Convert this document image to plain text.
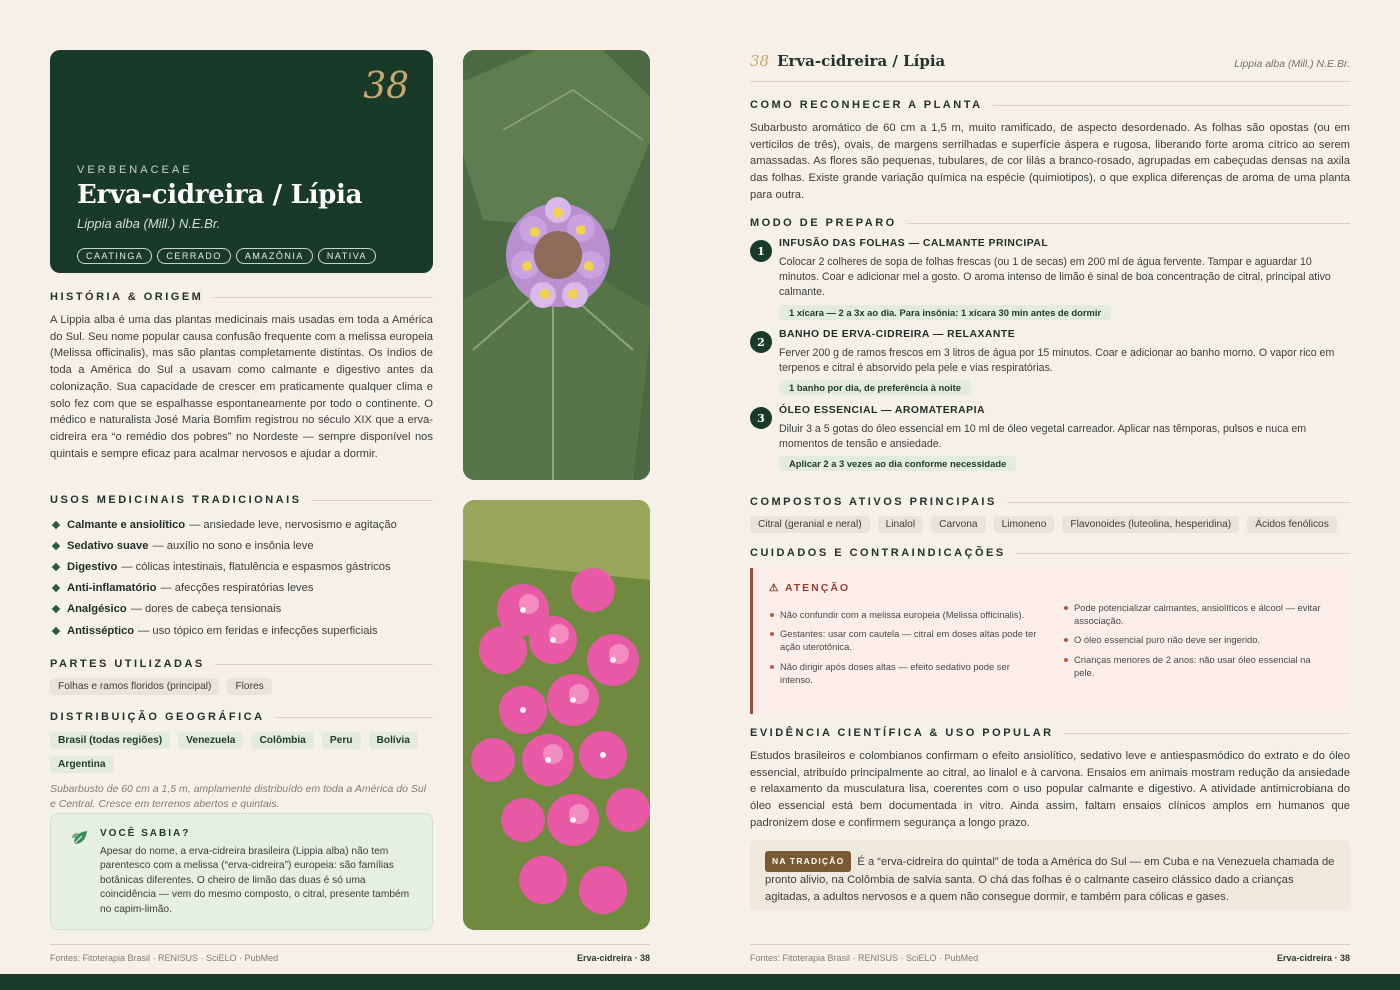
38
VERBENACEAE
Erva-cidreira / Lípia
Lippia alba (Mill.) N.E.Br.
CAATINGA	CERRADO	AMAZÔNIA	NATIVA
HISTÓRIA & ORIGEM

A Lippia alba é uma das plantas medicinais mais usadas em toda a América do Sul. Seu nome popular causa confusão frequente com a melissa europeia (Melissa officinalis), mas são plantas completamente distintas. Os índios de toda a América do Sul a usavam como calmante e digestivo antes da colonização. Sua capacidade de crescer em praticamente qualquer clima e solo fez com que se espalhasse espontaneamente por todo o continente. O médico e naturalista José Maria Bomfim registrou no século XIX que a erva-cidreira era “o remédio dos pobres” no Nordeste — sempre disponível nos quintais e sempre eficaz para acalmar nervosos e ajudar a dormir.

USOS MEDICINAIS TRADICIONAIS
Calmante e ansiolítico — ansiedade leve, nervosismo e agitação
Sedativo suave — auxílio no sono e insônia leve
Digestivo — cólicas intestinais, flatulência e espasmos gástricos
Anti-inflamatório — afecções respiratórias leves
Analgésico — dores de cabeça tensionais
Antisséptico — uso tópico em feridas e infecções superficiais
PARTES UTILIZADAS
Folhas e ramos floridos (principal)	Flores
DISTRIBUIÇÃO GEOGRÁFICA
Brasil (todas regiões)	Venezuela	Colômbia	Peru	Bolívia
Argentina

Subarbusto de 60 cm a 1,5 m, amplamente distribuído em toda a América do Sul e Central. Cresce em terrenos abertos e quintais.

VOCÊ SABIA?

Apesar do nome, a erva-cidreira brasileira (Lippia alba) não tem parentesco com a melissa (“erva-cidreira”) europeia: são famílias botânicas diferentes. O cheiro de limão das duas é só uma coincidência — vem do mesmo composto, o citral, presente também no capim-limão.

Fontes: Fitoterapia Brasil · RENISUS · SciELO · PubMed	Erva-cidreira · 38
38 Erva-cidreira / Lípia	Lippia alba (Mill.) N.E.Br.
COMO RECONHECER A PLANTA

Subarbusto aromático de 60 cm a 1,5 m, muito ramificado, de aspecto desordenado. As folhas são opostas (ou em verticilos de três), ovais, de margens serrilhadas e superfície áspera e rugosa, liberando forte aroma cítrico ao serem amassadas. As flores são pequenas, tubulares, de cor lilás a branco-rosado, agrupadas em cabeçudas densas na axila das folhas. Existe grande variação química na espécie (quimiotipos), o que explica diferenças de aroma de uma planta para outra.

MODO DE PREPARO
1
INFUSÃO DAS FOLHAS — CALMANTE PRINCIPAL

Colocar 2 colheres de sopa de folhas frescas (ou 1 de secas) em 200 ml de água fervente. Tampar e aguardar 10 minutos. Coar e adicionar mel a gosto. O aroma intenso de limão é sinal de boa concentração de citral, principal ativo calmante.

1 xícara — 2 a 3x ao dia. Para insônia: 1 xícara 30 min antes de dormir
2
BANHO DE ERVA-CIDREIRA — RELAXANTE

Ferver 200 g de ramos frescos em 3 litros de água por 15 minutos. Coar e adicionar ao banho morno. O vapor rico em terpenos e citral é absorvido pela pele e vias respiratórias.

1 banho por dia, de preferência à noite
3
ÓLEO ESSENCIAL — AROMATERAPIA

Diluir 3 a 5 gotas do óleo essencial em 10 ml de óleo vegetal carreador. Aplicar nas têmporas, pulsos e nuca em momentos de tensão e ansiedade.

Aplicar 2 a 3 vezes ao dia conforme necessidade
COMPOSTOS ATIVOS PRINCIPAIS
Citral (geranial e neral)	Linalol	Carvona	Limoneno	Flavonoides (luteolina, hesperidina)	Ácidos fenólicos
CUIDADOS E CONTRAINDICAÇÕES
⚠ ATENÇÃO
Não confundir com a melissa europeia (Melissa officinalis).
Gestantes: usar com cautela — citral em doses altas pode ter ação uterotônica.
Não dirigir após doses altas — efeito sedativo pode ser intenso.
Pode potencializar calmantes, ansiolíticos e álcool — evitar associação.
O óleo essencial puro não deve ser ingerido.
Crianças menores de 2 anos: não usar óleo essencial na pele.
EVIDÊNCIA CIENTÍFICA & USO POPULAR

Estudos brasileiros e colombianos confirmam o efeito ansiolítico, sedativo leve e antiespasmódico do extrato e do óleo essencial, atribuído principalmente ao citral, ao linalol e à carvona. Ensaios em animais mostram redução da ansiedade e relaxamento da musculatura lisa, coerentes com o uso popular calmante e digestivo. A atividade antimicrobiana do óleo essencial está bem documentada in vitro. Ainda assim, faltam ensaios clínicos amplos em humanos que padronizem dose e confirmem segurança a longo prazo.

NA TRADIÇÃO É a “erva-cidreira do quintal” de toda a América do Sul — em Cuba e na Venezuela chamada de pronto alivio, na Colômbia de salvia santa. O chá das folhas é o calmante caseiro clássico dado a crianças agitadas, a adultos nervosos e a quem não consegue dormir, e também para cólicas e gases.

Fontes: Fitoterapia Brasil · RENISUS · SciELO · PubMed	Erva-cidreira · 38
